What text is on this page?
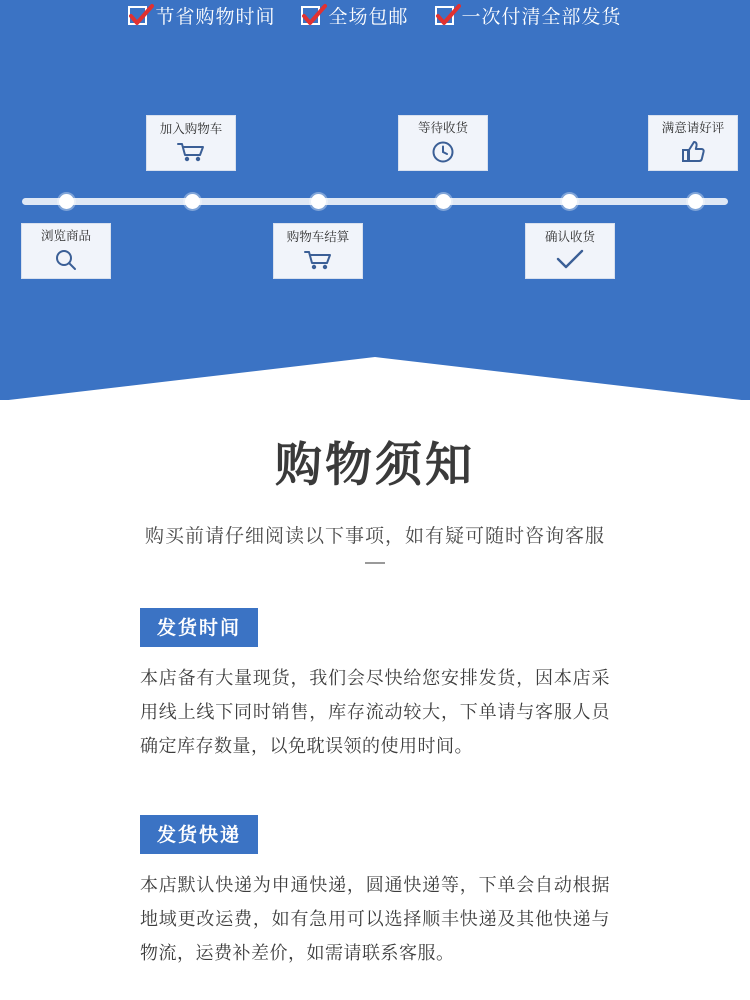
节省购物时间	全场包邮	一次付清全部发货
浏览商品
加入购物车
购物车结算
等待收货
确认收货
满意请好评
购物须知
购买前请仔细阅读以下事项，如有疑可随时咨询客服
发货时间

本店备有大量现货，我们会尽快给您安排发货，因本店采用线上线下同时销售，库存流动较大，下单请与客服人员确定库存数量，以免耽误领的使用时间。

发货快递

本店默认快递为申通快递，圆通快递等，下单会自动根据地域更改运费，如有急用可以选择顺丰快递及其他快递与物流，运费补差价，如需请联系客服。
